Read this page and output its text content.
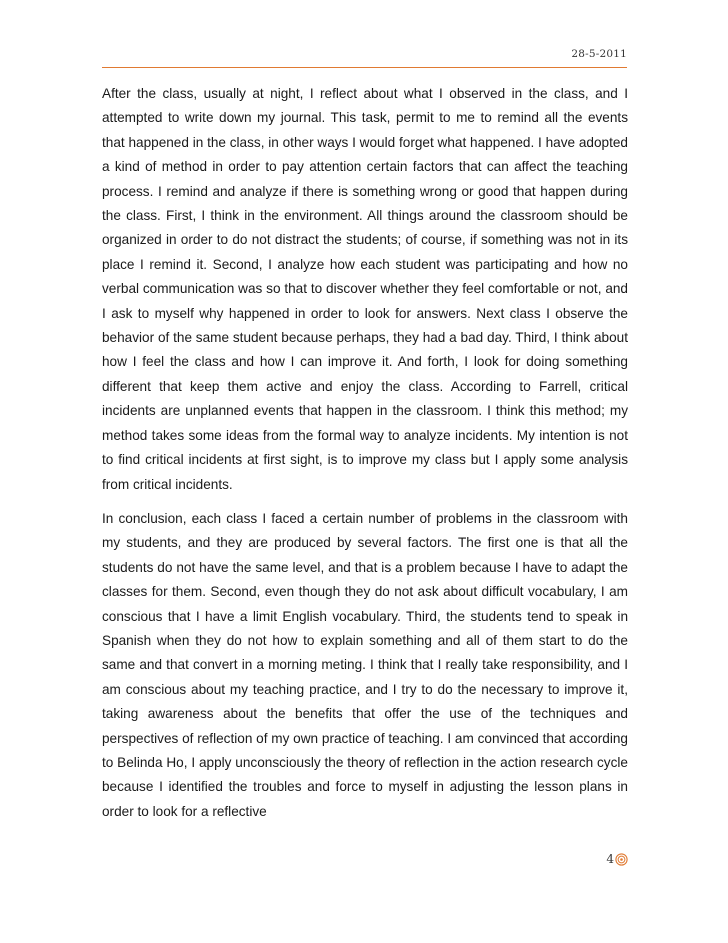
28-5-2011

After the class, usually at night, I reflect about what I observed in the class, and I attempted to write down my journal. This task, permit to me to remind all the events that happened in the class, in other ways I would forget what happened. I have adopted a kind of method in order to pay attention certain factors that can affect the teaching process. I remind and analyze if there is something wrong or good that happen during the class. First, I think in the environment. All things around the classroom should be organized in order to do not distract the students; of course, if something was not in its place I remind it. Second, I analyze how each student was participating and how no verbal communication was so that to discover whether they feel comfortable or not, and I ask to myself why happened in order to look for answers. Next class I observe the behavior of the same student because perhaps, they had a bad day. Third, I think about how I feel the class and how I can improve it. And forth, I look for doing something different that keep them active and enjoy the class. According to Farrell, critical incidents are unplanned events that happen in the classroom. I think this method; my method takes some ideas from the formal way to analyze incidents. My intention is not to find critical incidents at first sight, is to improve my class but I apply some analysis from critical incidents.

In conclusion, each class I faced a certain number of problems in the classroom with my students, and they are produced by several factors. The first one is that all the students do not have the same level, and that is a problem because I have to adapt the classes for them. Second, even though they do not ask about difficult vocabulary, I am conscious that I have a limit English vocabulary. Third, the students tend to speak in Spanish when they do not how to explain something and all of them start to do the same and that convert in a morning meting. I think that I really take responsibility, and I am conscious about my teaching practice, and I try to do the necessary to improve it, taking awareness about the benefits that offer the use of the techniques and perspectives of reflection of my own practice of teaching. I am convinced that according to Belinda Ho, I apply unconsciously the theory of reflection in the action research cycle because I identified the troubles and force to myself in adjusting the lesson plans in order to look for a reflective

4
